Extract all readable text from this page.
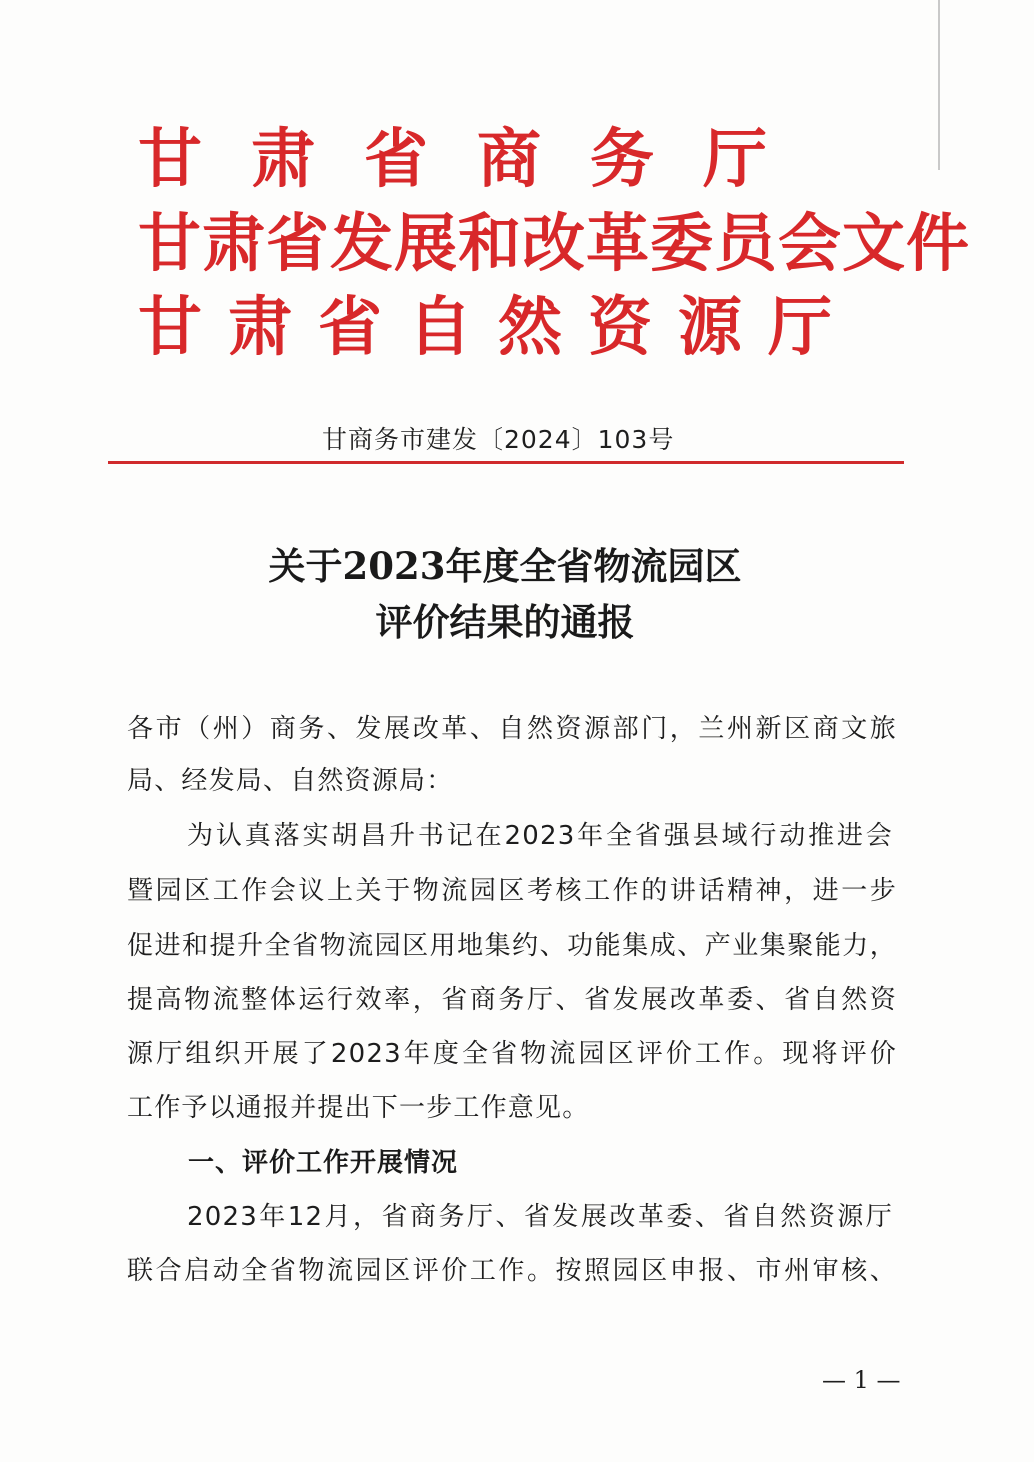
甘肃省商务厅
甘肃省发展和改革委员会文件
甘肃省自然资源厅
甘商务市建发〔2024〕103号
关于2023年度全省物流园区
评价结果的通报
各市（州）商务、发展改革、自然资源部门，兰州新区商文旅
局、经发局、自然资源局：
为认真落实胡昌升书记在2023年全省强县域行动推进会
暨园区工作会议上关于物流园区考核工作的讲话精神，进一步
促进和提升全省物流园区用地集约、功能集成、产业集聚能力，
提高物流整体运行效率，省商务厅、省发展改革委、省自然资
源厅组织开展了2023年度全省物流园区评价工作。现将评价
工作予以通报并提出下一步工作意见。
一、评价工作开展情况
2023年12月，省商务厅、省发展改革委、省自然资源厅
联合启动全省物流园区评价工作。按照园区申报、市州审核、
— 1 —
